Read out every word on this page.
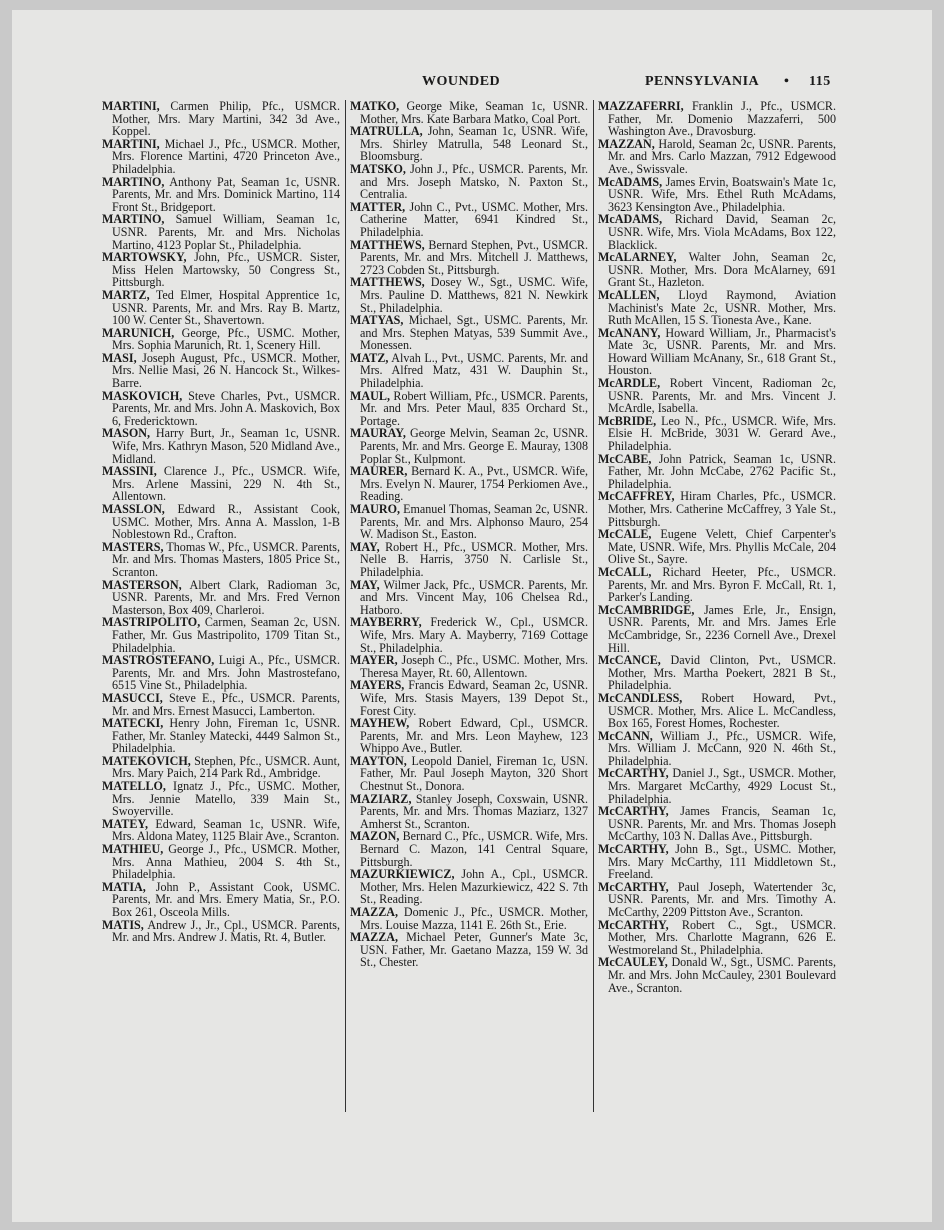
WOUNDED	PENNSYLVANIA • 115

MARTINI, Carmen Philip, Pfc., USMCR. Mother, Mrs. Mary Martini, 342 3d Ave., Koppel.

MARTINI, Michael J., Pfc., USMCR. Mother, Mrs. Florence Martini, 4720 Princeton Ave., Philadelphia.

MARTINO, Anthony Pat, Seaman 1c, USNR. Parents, Mr. and Mrs. Dominick Martino, 114 Front St., Bridgeport.

MARTINO, Samuel William, Seaman 1c, USNR. Parents, Mr. and Mrs. Nicholas Martino, 4123 Poplar St., Philadelphia.

MARTOWSKY, John, Pfc., USMCR. Sister, Miss Helen Martowsky, 50 Congress St., Pittsburgh.

MARTZ, Ted Elmer, Hospital Apprentice 1c, USNR. Parents, Mr. and Mrs. Ray B. Martz, 100 W. Center St., Shavertown.

MARUNICH, George, Pfc., USMC. Mother, Mrs. Sophia Marunich, Rt. 1, Scenery Hill.

MASI, Joseph August, Pfc., USMCR. Mother, Mrs. Nellie Masi, 26 N. Hancock St., Wilkes-Barre.

MASKOVICH, Steve Charles, Pvt., USMCR. Parents, Mr. and Mrs. John A. Maskovich, Box 6, Fredericktown.

MASON, Harry Burt, Jr., Seaman 1c, USNR. Wife, Mrs. Kathryn Mason, 520 Midland Ave., Midland.

MASSINI, Clarence J., Pfc., USMCR. Wife, Mrs. Arlene Massini, 229 N. 4th St., Allentown.

MASSLON, Edward R., Assistant Cook, USMC. Mother, Mrs. Anna A. Masslon, 1-B Noblestown Rd., Crafton.

MASTERS, Thomas W., Pfc., USMCR. Parents, Mr. and Mrs. Thomas Masters, 1805 Price St., Scranton.

MASTERSON, Albert Clark, Radioman 3c, USNR. Parents, Mr. and Mrs. Fred Vernon Masterson, Box 409, Charleroi.

MASTRIPOLITO, Carmen, Seaman 2c, USN. Father, Mr. Gus Mastripolito, 1709 Titan St., Philadelphia.

MASTROSTEFANO, Luigi A., Pfc., USMCR. Parents, Mr. and Mrs. John Mastrostefano, 6515 Vine St., Philadelphia.

MASUCCI, Steve E., Pfc., USMCR. Parents, Mr. and Mrs. Ernest Masucci, Lamberton.

MATECKI, Henry John, Fireman 1c, USNR. Father, Mr. Stanley Matecki, 4449 Salmon St., Philadelphia.

MATEKOVICH, Stephen, Pfc., USMCR. Aunt, Mrs. Mary Paich, 214 Park Rd., Ambridge.

MATELLO, Ignatz J., Pfc., USMC. Mother, Mrs. Jennie Matello, 339 Main St., Swoyerville.

MATEY, Edward, Seaman 1c, USNR. Wife, Mrs. Aldona Matey, 1125 Blair Ave., Scranton.

MATHIEU, George J., Pfc., USMCR. Mother, Mrs. Anna Mathieu, 2004 S. 4th St., Philadelphia.

MATIA, John P., Assistant Cook, USMC. Parents, Mr. and Mrs. Emery Matia, Sr., P.O. Box 261, Osceola Mills.

MATIS, Andrew J., Jr., Cpl., USMCR. Parents, Mr. and Mrs. Andrew J. Matis, Rt. 4, Butler.

MATKO, George Mike, Seaman 1c, USNR. Mother, Mrs. Kate Barbara Matko, Coal Port.

MATRULLA, John, Seaman 1c, USNR. Wife, Mrs. Shirley Matrulla, 548 Leonard St., Bloomsburg.

MATSKO, John J., Pfc., USMCR. Parents, Mr. and Mrs. Joseph Matsko, N. Paxton St., Centralia.

MATTER, John C., Pvt., USMC. Mother, Mrs. Catherine Matter, 6941 Kindred St., Philadelphia.

MATTHEWS, Bernard Stephen, Pvt., USMCR. Parents, Mr. and Mrs. Mitchell J. Matthews, 2723 Cobden St., Pittsburgh.

MATTHEWS, Dosey W., Sgt., USMC. Wife, Mrs. Pauline D. Matthews, 821 N. Newkirk St., Philadelphia.

MATYAS, Michael, Sgt., USMC. Parents, Mr. and Mrs. Stephen Matyas, 539 Summit Ave., Monessen.

MATZ, Alvah L., Pvt., USMC. Parents, Mr. and Mrs. Alfred Matz, 431 W. Dauphin St., Philadelphia.

MAUL, Robert William, Pfc., USMCR. Parents, Mr. and Mrs. Peter Maul, 835 Orchard St., Portage.

MAURAY, George Melvin, Seaman 2c, USNR. Parents, Mr. and Mrs. George E. Mauray, 1308 Poplar St., Kulpmont.

MAURER, Bernard K. A., Pvt., USMCR. Wife, Mrs. Evelyn N. Maurer, 1754 Perkiomen Ave., Reading.

MAURO, Emanuel Thomas, Seaman 2c, USNR. Parents, Mr. and Mrs. Alphonso Mauro, 254 W. Madison St., Easton.

MAY, Robert H., Pfc., USMCR. Mother, Mrs. Nelle B. Harris, 3750 N. Carlisle St., Philadelphia.

MAY, Wilmer Jack, Pfc., USMCR. Parents, Mr. and Mrs. Vincent May, 106 Chelsea Rd., Hatboro.

MAYBERRY, Frederick W., Cpl., USMCR. Wife, Mrs. Mary A. Mayberry, 7169 Cottage St., Philadelphia.

MAYER, Joseph C., Pfc., USMC. Mother, Mrs. Theresa Mayer, Rt. 60, Allentown.

MAYERS, Francis Edward, Seaman 2c, USNR. Wife, Mrs. Stasis Mayers, 139 Depot St., Forest City.

MAYHEW, Robert Edward, Cpl., USMCR. Parents, Mr. and Mrs. Leon Mayhew, 123 Whippo Ave., Butler.

MAYTON, Leopold Daniel, Fireman 1c, USN. Father, Mr. Paul Joseph Mayton, 320 Short Chestnut St., Donora.

MAZIARZ, Stanley Joseph, Coxswain, USNR. Parents, Mr. and Mrs. Thomas Maziarz, 1327 Amherst St., Scranton.

MAZON, Bernard C., Pfc., USMCR. Wife, Mrs. Bernard C. Mazon, 141 Central Square, Pittsburgh.

MAZURKIEWICZ, John A., Cpl., USMCR. Mother, Mrs. Helen Mazurkiewicz, 422 S. 7th St., Reading.

MAZZA, Domenic J., Pfc., USMCR. Mother, Mrs. Louise Mazza, 1141 E. 26th St., Erie.

MAZZA, Michael Peter, Gunner's Mate 3c, USN. Father, Mr. Gaetano Mazza, 159 W. 3d St., Chester.

MAZZAFERRI, Franklin J., Pfc., USMCR. Father, Mr. Domenio Mazzaferri, 500 Washington Ave., Dravosburg.

MAZZAN, Harold, Seaman 2c, USNR. Parents, Mr. and Mrs. Carlo Mazzan, 7912 Edgewood Ave., Swissvale.

McADAMS, James Ervin, Boatswain's Mate 1c, USNR. Wife, Mrs. Ethel Ruth McAdams, 3623 Kensington Ave., Philadelphia.

McADAMS, Richard David, Seaman 2c, USNR. Wife, Mrs. Viola McAdams, Box 122, Blacklick.

McALARNEY, Walter John, Seaman 2c, USNR. Mother, Mrs. Dora McAlarney, 691 Grant St., Hazleton.

McALLEN, Lloyd Raymond, Aviation Machinist's Mate 2c, USNR. Mother, Mrs. Ruth McAllen, 15 S. Tionesta Ave., Kane.

McANANY, Howard William, Jr., Pharmacist's Mate 3c, USNR. Parents, Mr. and Mrs. Howard William McAnany, Sr., 618 Grant St., Houston.

McARDLE, Robert Vincent, Radioman 2c, USNR. Parents, Mr. and Mrs. Vincent J. McArdle, Isabella.

McBRIDE, Leo N., Pfc., USMCR. Wife, Mrs. Elsie H. McBride, 3031 W. Gerard Ave., Philadelphia.

McCABE, John Patrick, Seaman 1c, USNR. Father, Mr. John McCabe, 2762 Pacific St., Philadelphia.

McCAFFREY, Hiram Charles, Pfc., USMCR. Mother, Mrs. Catherine McCaffrey, 3 Yale St., Pittsburgh.

McCALE, Eugene Velett, Chief Carpenter's Mate, USNR. Wife, Mrs. Phyllis McCale, 204 Olive St., Sayre.

McCALL, Richard Heeter, Pfc., USMCR. Parents, Mr. and Mrs. Byron F. McCall, Rt. 1, Parker's Landing.

McCAMBRIDGE, James Erle, Jr., Ensign, USNR. Parents, Mr. and Mrs. James Erle McCambridge, Sr., 2236 Cornell Ave., Drexel Hill.

McCANCE, David Clinton, Pvt., USMCR. Mother, Mrs. Martha Poekert, 2821 B St., Philadelphia.

McCANDLESS, Robert Howard, Pvt., USMCR. Mother, Mrs. Alice L. McCandless, Box 165, Forest Homes, Rochester.

McCANN, William J., Pfc., USMCR. Wife, Mrs. William J. McCann, 920 N. 46th St., Philadelphia.

McCARTHY, Daniel J., Sgt., USMCR. Mother, Mrs. Margaret McCarthy, 4929 Locust St., Philadelphia.

McCARTHY, James Francis, Seaman 1c, USNR. Parents, Mr. and Mrs. Thomas Joseph McCarthy, 103 N. Dallas Ave., Pittsburgh.

McCARTHY, John B., Sgt., USMC. Mother, Mrs. Mary McCarthy, 111 Middletown St., Freeland.

McCARTHY, Paul Joseph, Watertender 3c, USNR. Parents, Mr. and Mrs. Timothy A. McCarthy, 2209 Pittston Ave., Scranton.

McCARTHY, Robert C., Sgt., USMCR. Mother, Mrs. Charlotte Magrann, 626 E. Westmoreland St., Philadelphia.

McCAULEY, Donald W., Sgt., USMC. Parents, Mr. and Mrs. John McCauley, 2301 Boulevard Ave., Scranton.
